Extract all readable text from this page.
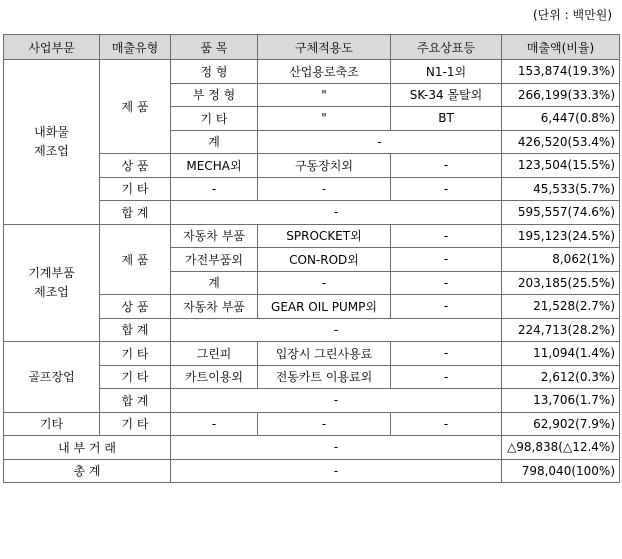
(단위 : 백만원)
사업부문	매출유형	품 목	구체적용도	주요상표등	매출액(비율)

내화물
제조업	제 품	정 형	산업용로축조	N1-1외	153,874(19.3%)
		부 정 형	"	SK-34 몰탈외	266,199(33.3%)
		기 타	"	BT	6,447(0.8%)
		계	-		426,520(53.4%)
	상 품	MECHA외	구동장치외	-	123,504(15.5%)
	기 타	-	-	-	45,533(5.7%)
	합 계	-			595,557(74.6%)

기계부품
제조업	제 품	자동차 부품	SPROCKET외	-	195,123(24.5%)
		가전부품외	CON-ROD외	-	8,062(1%)
		계	-	-	203,185(25.5%)
	상 품	자동차 부품	GEAR OIL PUMP외	-	21,528(2.7%)
	합 계	-			224,713(28.2%)
골프장업	기 타	그린피	입장시 그린사용료	-	11,094(1.4%)
	기 타	카트이용외	전동카트 이용료외	-	2,612(0.3%)
	합 계	-			13,706(1.7%)
기타	기 타	-	-	-	62,902(7.9%)
내 부 거 래		-			△98,838(△12.4%)
총 계		-			798,040(100%)
